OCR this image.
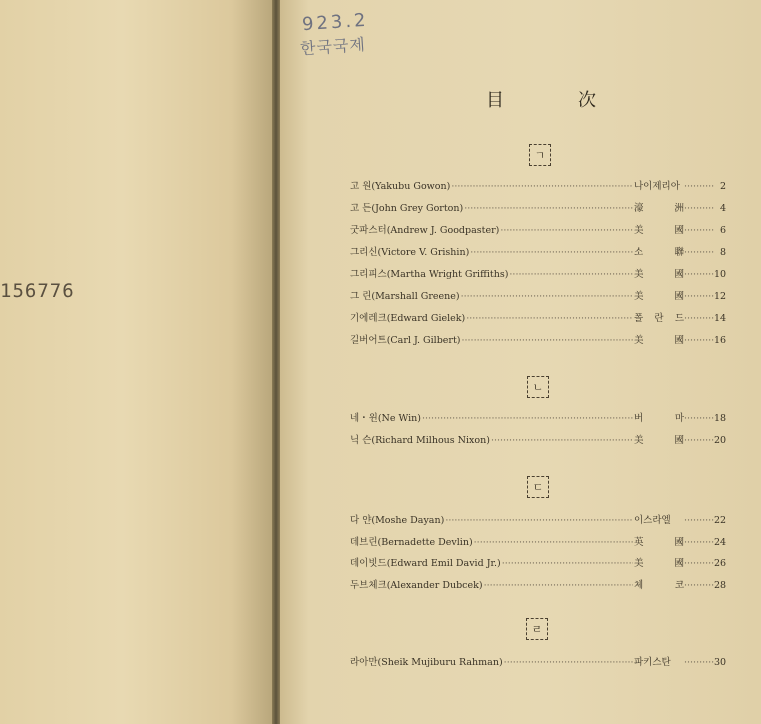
156776
923.2
한국국제
目	次
ㄱ
고 원(Yakubu Gowon) ·····	나이제리아 ·····	2
고 든(John Grey Gorton) ·····	濠 洲 ·····	4
굿파스터(Andrew J. Goodpaster) ·····	美 國 ·····	6
그리신(Victore V. Grishin) ·····	소 聯 ·····	8
그리피스(Martha Wright Griffiths) ·····	美 國 ·····	10
그 린(Marshall Greene) ·····	美 國 ·····	12
기에레크(Edward Gielek) ·····	폴 란 드 ·····	14
길버어트(Carl J. Gilbert) ·····	美 國 ·····	16
ㄴ
네・윈(Ne Win) ·····	버 마 ·····	18
닉 슨(Richard Milhous Nixon) ·····	美 國 ·····	20
ㄷ
다 얀(Moshe Dayan) ·····	이스라엘 ·····	22
데브린(Bernadette Devlin) ·····	英 國 ·····	24
데이빗드(Edward Emil David Jr.) ·····	美 國 ·····	26
두브체크(Alexander Dubcek) ·····	체 코 ·····	28
ㄹ
라아만(Sheik Mujiburu Rahman) ·····	파키스탄 ·····	30
